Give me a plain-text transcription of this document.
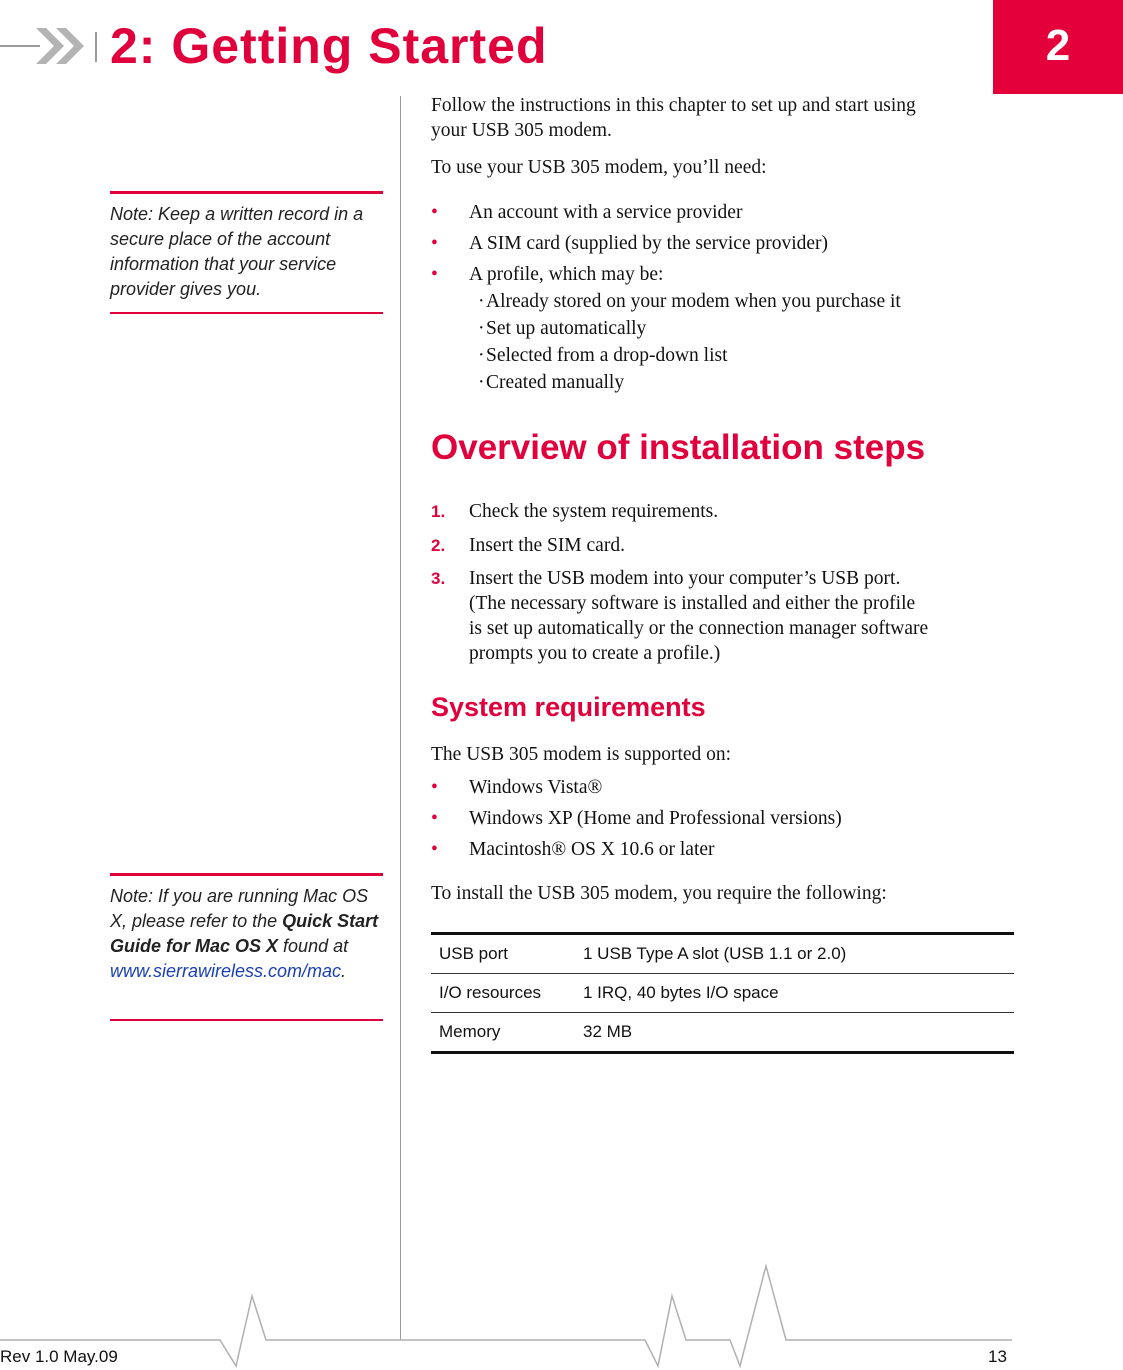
2: Getting Started	2
Note: Keep a written record in a secure place of the account information that your service provider gives you.
Note: If you are running Mac OS X, please refer to the Quick Start Guide for Mac OS X found at www.sierrawireless.com/mac.
Follow the instructions in this chapter to set up and start using
your USB 305 modem.
To use your USB 305 modem, you’ll need:
• An account with a service provider
• A SIM card (supplied by the service provider)
• A profile, which may be:
·Already stored on your modem when you purchase it
·Set up automatically
·Selected from a drop-down list
·Created manually
Overview of installation steps
1. Check the system requirements.
2. Insert the SIM card.
3. Insert the USB modem into your computer’s USB port.
(The necessary software is installed and either the profile
is set up automatically or the connection manager software
prompts you to create a profile.)
System requirements
The USB 305 modem is supported on:
• Windows Vista®
• Windows XP (Home and Professional versions)
• Macintosh® OS X 10.6 or later
To install the USB 305 modem, you require the following:
USB port	1 USB Type A slot (USB 1.1 or 2.0)
I/O resources	1 IRQ, 40 bytes I/O space
Memory	32 MB
Rev 1.0 May.09	13
